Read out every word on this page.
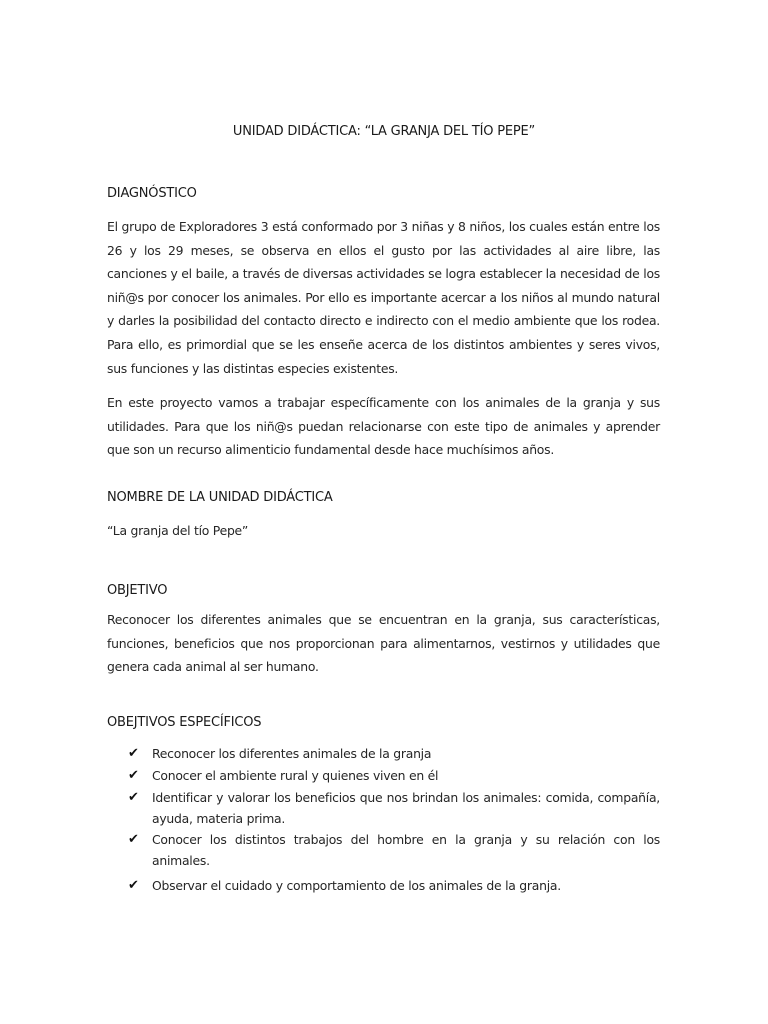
UNIDAD DIDÁCTICA: “LA GRANJA DEL TÍO PEPE”
DIAGNÓSTICO

El grupo de Exploradores 3 está conformado por 3 niñas y 8 niños, los cuales están entre los 26 y los 29 meses, se observa en ellos el gusto por las actividades al aire libre, las canciones y el baile, a través de diversas actividades se logra establecer la necesidad de los niñ@s por conocer los animales. Por ello es importante acercar a los niños al mundo natural y darles la posibilidad del contacto directo e indirecto con el medio ambiente que los rodea. Para ello, es primordial que se les enseñe acerca de los distintos ambientes y seres vivos, sus funciones y las distintas especies existentes.

En este proyecto vamos a trabajar específicamente con los animales de la granja y sus utilidades. Para que los niñ@s puedan relacionarse con este tipo de animales y aprender que son un recurso alimenticio fundamental desde hace muchísimos años.

NOMBRE DE LA UNIDAD DIDÁCTICA

“La granja del tío Pepe”

OBJETIVO

Reconocer los diferentes animales que se encuentran en la granja, sus características, funciones, beneficios que nos proporcionan para alimentarnos, vestirnos y utilidades que genera cada animal al ser humano.

OBEJTIVOS ESPECÍFICOS
✔ Reconocer los diferentes animales de la granja
✔ Conocer el ambiente rural y quienes viven en él
✔ Identificar y valorar los beneficios que nos brindan los animales: comida, compañía, ayuda, materia prima.
✔ Conocer los distintos trabajos del hombre en la granja y su relación con los animales.
✔ Observar el cuidado y comportamiento de los animales de la granja.
